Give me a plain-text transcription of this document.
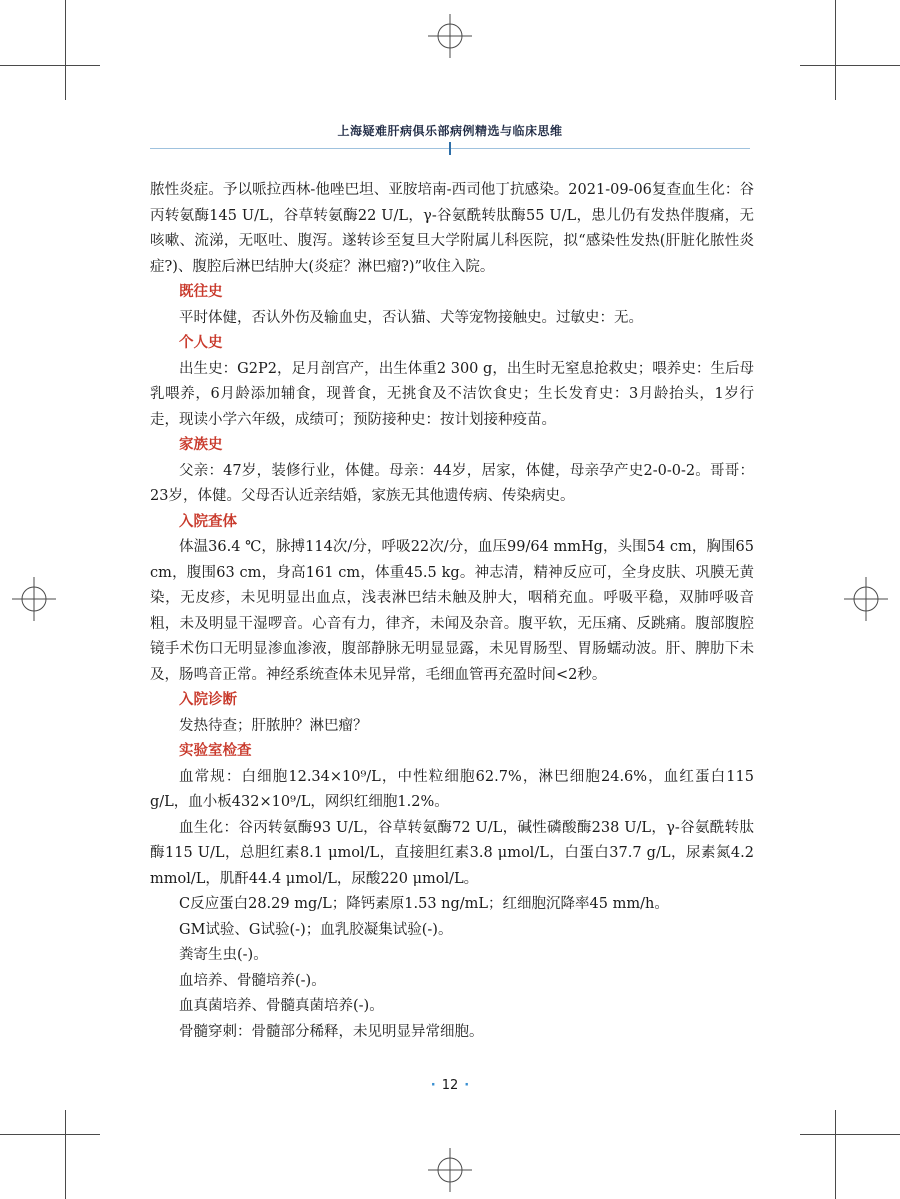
上海疑难肝病俱乐部病例精选与临床思维

脓性炎症。予以哌拉西林-他唑巴坦、亚胺培南-西司他丁抗感染。2021-09-06复查血生化：谷丙转氨酶145 U/L，谷草转氨酶22 U/L，γ-谷氨酰转肽酶55 U/L，患儿仍有发热伴腹痛，无咳嗽、流涕，无呕吐、腹泻。遂转诊至复旦大学附属儿科医院，拟“感染性发热(肝脏化脓性炎症?)、腹腔后淋巴结肿大(炎症？淋巴瘤?)”收住入院。

既往史

平时体健，否认外伤及输血史，否认猫、犬等宠物接触史。过敏史：无。

个人史

出生史：G2P2，足月剖宫产，出生体重2 300 g，出生时无窒息抢救史；喂养史：生后母乳喂养，6月龄添加辅食，现普食，无挑食及不洁饮食史；生长发育史：3月龄抬头，1岁行走，现读小学六年级，成绩可；预防接种史：按计划接种疫苗。

家族史

父亲：47岁，装修行业，体健。母亲：44岁，居家，体健，母亲孕产史2-0-0-2。哥哥：23岁，体健。父母否认近亲结婚，家族无其他遗传病、传染病史。

入院查体

体温36.4 ℃，脉搏114次/分，呼吸22次/分，血压99/64 mmHg，头围54 cm，胸围65 cm，腹围63 cm，身高161 cm，体重45.5 kg。神志清，精神反应可，全身皮肤、巩膜无黄染，无皮疹，未见明显出血点，浅表淋巴结未触及肿大，咽稍充血。呼吸平稳，双肺呼吸音粗，未及明显干湿啰音。心音有力，律齐，未闻及杂音。腹平软，无压痛、反跳痛。腹部腹腔镜手术伤口无明显渗血渗液，腹部静脉无明显显露，未见胃肠型、胃肠蠕动波。肝、脾肋下未及，肠鸣音正常。神经系统查体未见异常，毛细血管再充盈时间<2秒。

入院诊断

发热待查；肝脓肿？淋巴瘤？

实验室检查

血常规：白细胞12.34×10⁹/L，中性粒细胞62.7%，淋巴细胞24.6%，血红蛋白115 g/L，血小板432×10⁹/L，网织红细胞1.2%。

血生化：谷丙转氨酶93 U/L，谷草转氨酶72 U/L，碱性磷酸酶238 U/L，γ-谷氨酰转肽酶115 U/L，总胆红素8.1 μmol/L，直接胆红素3.8 μmol/L，白蛋白37.7 g/L，尿素氮4.2 mmol/L，肌酐44.4 μmol/L，尿酸220 μmol/L。

C反应蛋白28.29 mg/L；降钙素原1.53 ng/mL；红细胞沉降率45 mm/h。

GM试验、G试验(-)；血乳胶凝集试验(-)。

粪寄生虫(-)。

血培养、骨髓培养(-)。

血真菌培养、骨髓真菌培养(-)。

骨髓穿刺：骨髓部分稀释，未见明显异常细胞。

· 12 ·
